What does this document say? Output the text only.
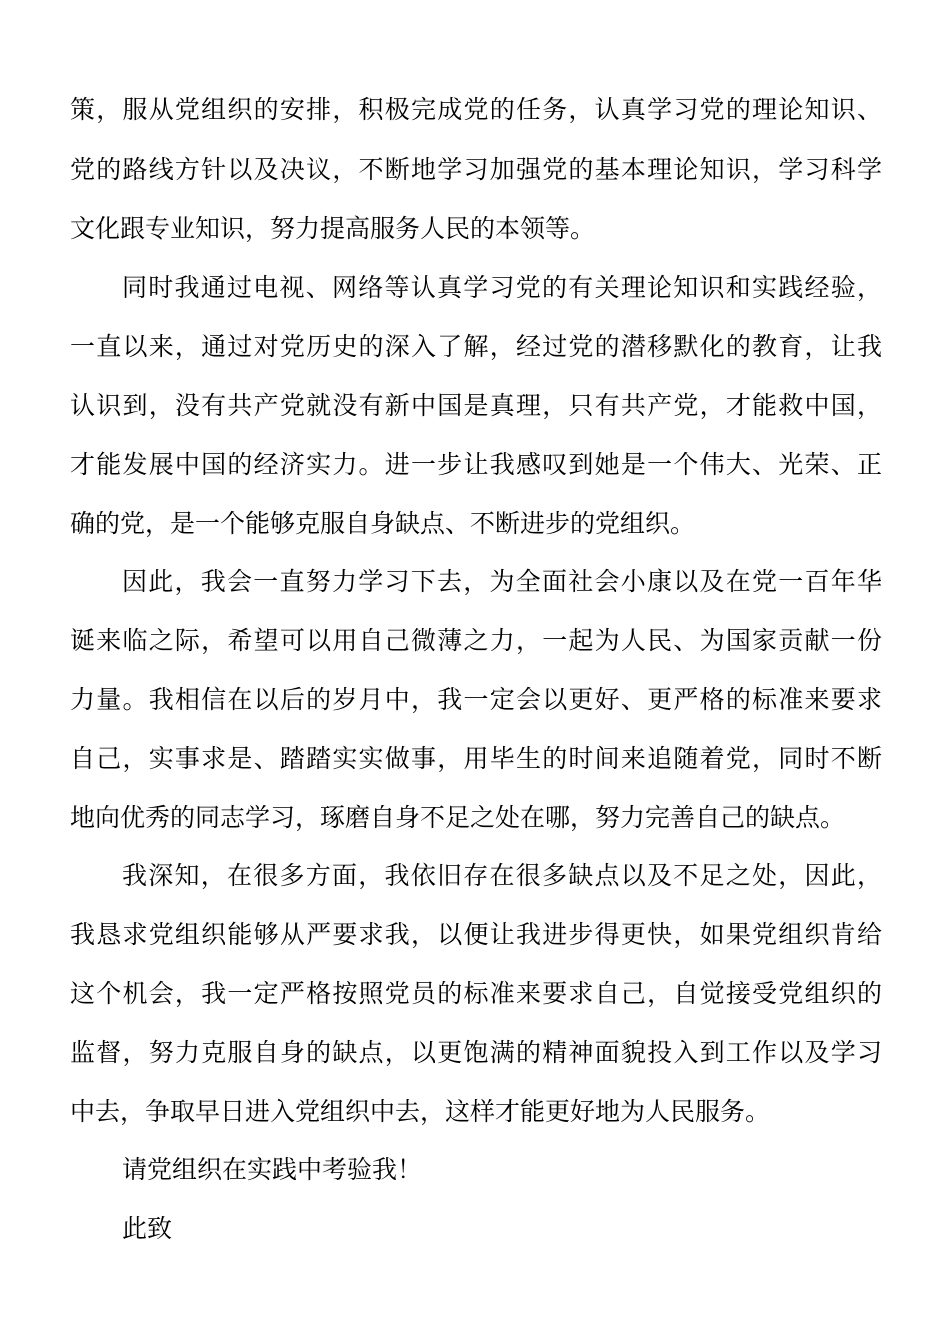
策，服从党组织的安排，积极完成党的任务，认真学习党的理论知识、
党的路线方针以及决议，不断地学习加强党的基本理论知识，学习科学
文化跟专业知识，努力提高服务人民的本领等。
同时我通过电视、网络等认真学习党的有关理论知识和实践经验，
一直以来，通过对党历史的深入了解，经过党的潜移默化的教育，让我
认识到，没有共产党就没有新中国是真理，只有共产党，才能救中国，
才能发展中国的经济实力。进一步让我感叹到她是一个伟大、光荣、正
确的党，是一个能够克服自身缺点、不断进步的党组织。
因此，我会一直努力学习下去，为全面社会小康以及在党一百年华
诞来临之际，希望可以用自己微薄之力，一起为人民、为国家贡献一份
力量。我相信在以后的岁月中，我一定会以更好、更严格的标准来要求
自己，实事求是、踏踏实实做事，用毕生的时间来追随着党，同时不断
地向优秀的同志学习，琢磨自身不足之处在哪，努力完善自己的缺点。
我深知，在很多方面，我依旧存在很多缺点以及不足之处，因此，
我恳求党组织能够从严要求我，以便让我进步得更快，如果党组织肯给
这个机会，我一定严格按照党员的标准来要求自己，自觉接受党组织的
监督，努力克服自身的缺点，以更饱满的精神面貌投入到工作以及学习
中去，争取早日进入党组织中去，这样才能更好地为人民服务。
请党组织在实践中考验我！
此致
